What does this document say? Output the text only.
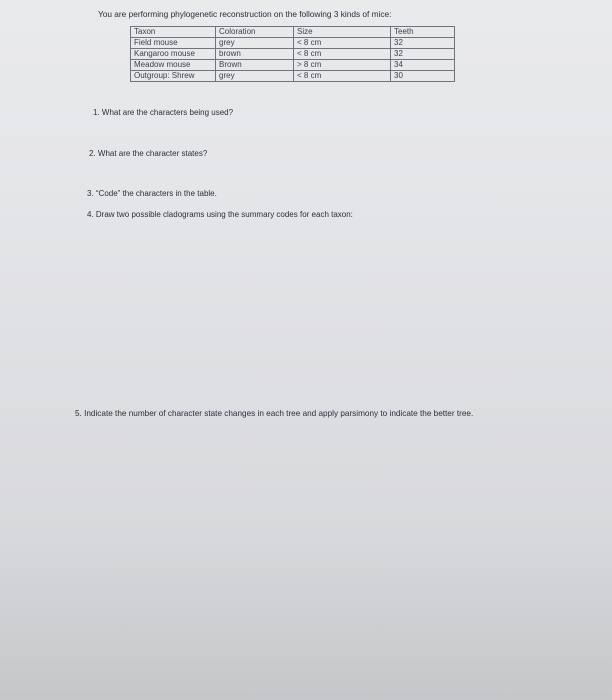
You are performing phylogenetic reconstruction on the following 3 kinds of mice:
Taxon	Coloration	Size	Teeth
Field mouse	grey	< 8 cm	32
Kangaroo mouse	brown	< 8 cm	32
Meadow mouse	Brown	> 8 cm	34
Outgroup: Shrew	grey	< 8 cm	30
1. What are the characters being used?
2. What are the character states?
3. “Code” the characters in the table.
4. Draw two possible cladograms using the summary codes for each taxon:
5. Indicate the number of character state changes in each tree and apply parsimony to indicate the better tree.
